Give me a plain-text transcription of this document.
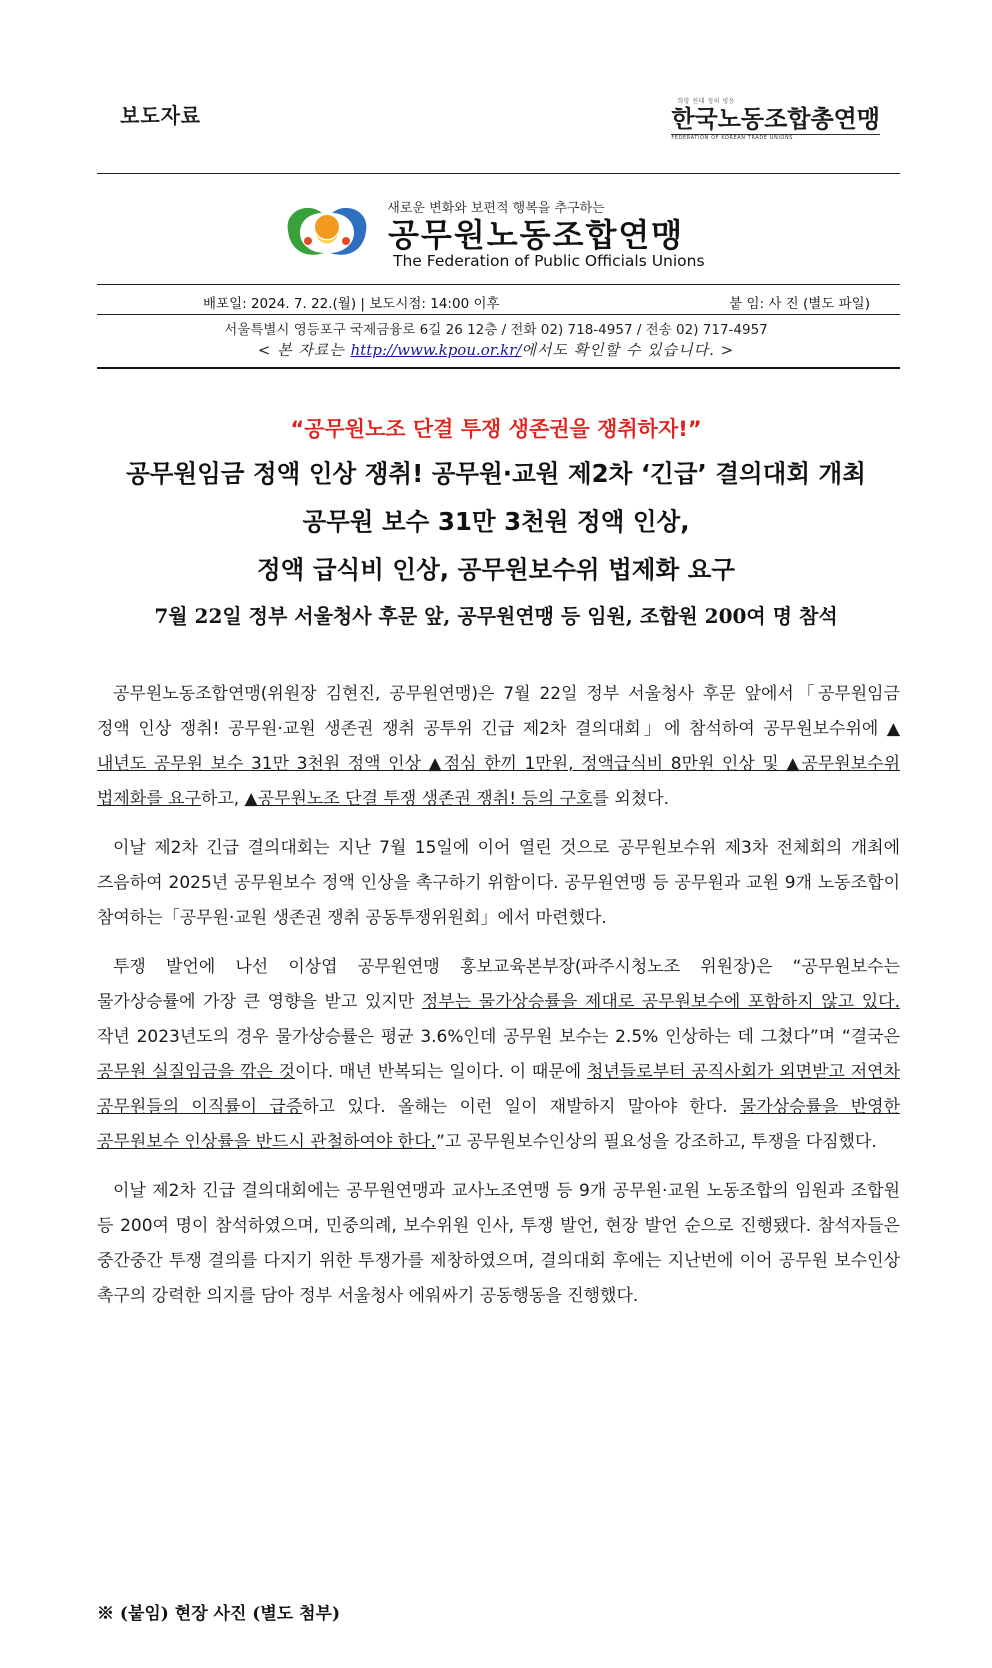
보도자료
희망 연대 정의 평등
한국노동조합총연맹
FEDERATION OF KOREAN TRADE UNIONS
새로운 변화와 보편적 행복을 추구하는
공무원노동조합연맹
The Federation of Public Officials Unions
배포일: 2024. 7. 22.(월) | 보도시점: 14:00 이후	붙 임: 사 진 (별도 파일)
서울특별시 영등포구 국제금융로 6길 26 12층 / 전화 02) 718-4957 / 전송 02) 717-4957
< 본 자료는 http://www.kpou.or.kr/에서도 확인할 수 있습니다. >
“공무원노조 단결 투쟁 생존권을 쟁취하자!”
공무원임금 정액 인상 쟁취! 공무원·교원 제2차 ‘긴급’ 결의대회 개최
공무원 보수 31만 3천원 정액 인상,
정액 급식비 인상, 공무원보수위 법제화 요구
7월 22일 정부 서울청사 후문 앞, 공무원연맹 등 임원, 조합원 200여 명 참석

공무원노동조합연맹(위원장 김현진, 공무원연맹)은 7월 22일 정부 서울청사 후문 앞에서「공무원임금 정액 인상 쟁취! 공무원·교원 생존권 쟁취 공투위 긴급 제2차 결의대회」에 참석하여 공무원보수위에 ▲내년도 공무원 보수 31만 3천원 정액 인상 ▲점심 한끼 1만원, 정액급식비 8만원 인상 및 ▲공무원보수위 법제화를 요구하고, ▲공무원노조 단결 투쟁 생존권 쟁취! 등의 구호를 외쳤다.

이날 제2차 긴급 결의대회는 지난 7월 15일에 이어 열린 것으로 공무원보수위 제3차 전체회의 개최에 즈음하여 2025년 공무원보수 정액 인상을 촉구하기 위함이다. 공무원연맹 등 공무원과 교원 9개 노동조합이 참여하는「공무원·교원 생존권 쟁취 공동투쟁위원회」에서 마련했다.

투쟁 발언에 나선 이상엽 공무원연맹 홍보교육본부장(파주시청노조 위원장)은 “공무원보수는 물가상승률에 가장 큰 영향을 받고 있지만 정부는 물가상승률을 제대로 공무원보수에 포함하지 않고 있다. 작년 2023년도의 경우 물가상승률은 평균 3.6%인데 공무원 보수는 2.5% 인상하는 데 그쳤다”며 “결국은 공무원 실질임금을 깎은 것이다. 매년 반복되는 일이다. 이 때문에 청년들로부터 공직사회가 외면받고 저연차 공무원들의 이직률이 급증하고 있다. 올해는 이런 일이 재발하지 말아야 한다. 물가상승률을 반영한 공무원보수 인상률을 반드시 관철하여야 한다.”고 공무원보수인상의 필요성을 강조하고, 투쟁을 다짐했다.

이날 제2차 긴급 결의대회에는 공무원연맹과 교사노조연맹 등 9개 공무원·교원 노동조합의 임원과 조합원 등 200여 명이 참석하였으며, 민중의례, 보수위원 인사, 투쟁 발언, 현장 발언 순으로 진행됐다. 참석자들은 중간중간 투쟁 결의를 다지기 위한 투쟁가를 제창하였으며, 결의대회 후에는 지난번에 이어 공무원 보수인상 촉구의 강력한 의지를 담아 정부 서울청사 에워싸기 공동행동을 진행했다.

※ (붙임) 현장 사진 (별도 첨부)
